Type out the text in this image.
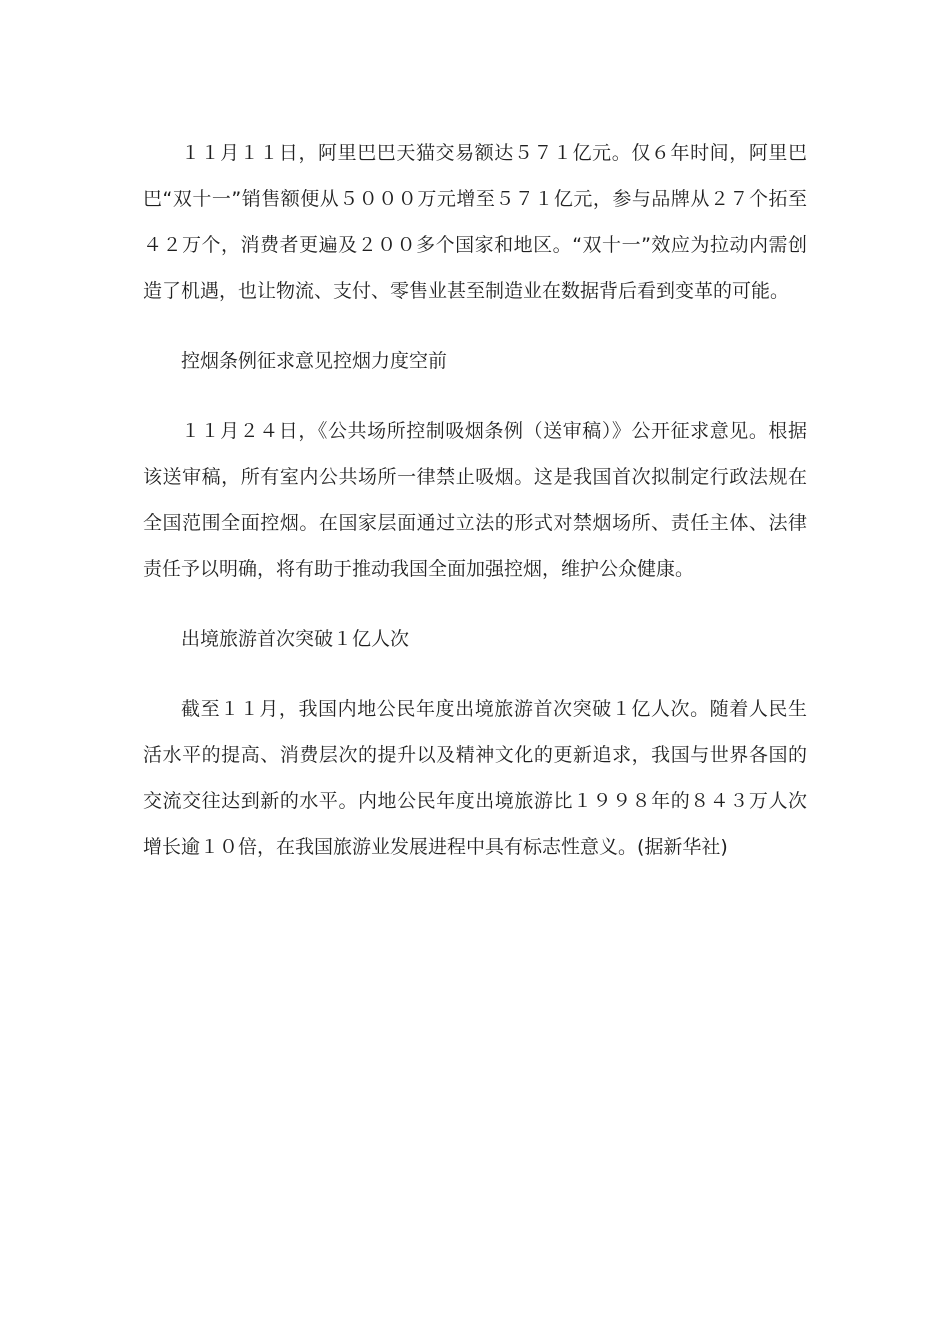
１１月１１日，阿里巴巴天猫交易额达５７１亿元。仅６年时间，阿里巴巴“双十一”销售额便从５０００万元增至５７１亿元，参与品牌从２７个拓至４２万个，消费者更遍及２００多个国家和地区。“双十一”效应为拉动内需创造了机遇，也让物流、支付、零售业甚至制造业在数据背后看到变革的可能。

控烟条例征求意见控烟力度空前

１１月２４日，《公共场所控制吸烟条例（送审稿）》公开征求意见。根据该送审稿，所有室内公共场所一律禁止吸烟。这是我国首次拟制定行政法规在全国范围全面控烟。在国家层面通过立法的形式对禁烟场所、责任主体、法律责任予以明确，将有助于推动我国全面加强控烟，维护公众健康。

出境旅游首次突破１亿人次

截至１１月，我国内地公民年度出境旅游首次突破１亿人次。随着人民生活水平的提高、消费层次的提升以及精神文化的更新追求，我国与世界各国的交流交往达到新的水平。内地公民年度出境旅游比１９９８年的８４３万人次增长逾１０倍，在我国旅游业发展进程中具有标志性意义。(据新华社)
